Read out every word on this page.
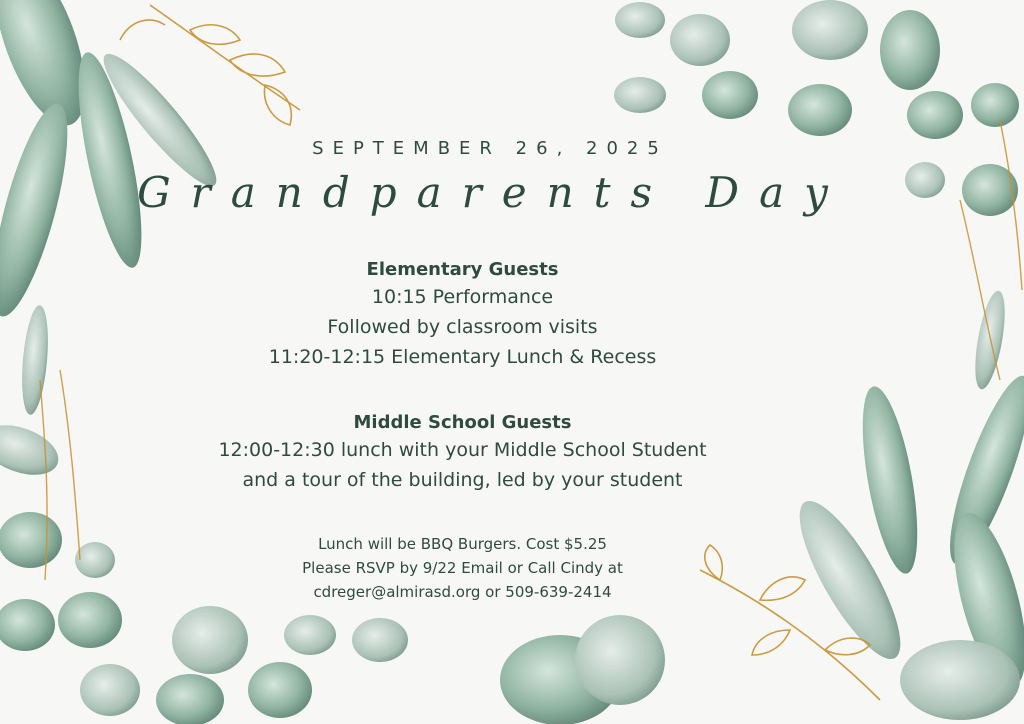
SEPTEMBER 26, 2025
Grandparents Day
Elementary Guests
10:15 Performance
Followed by classroom visits
11:20-12:15 Elementary Lunch & Recess
Middle School Guests
12:00-12:30 lunch with your Middle School Student
and a tour of the building, led by your student
Lunch will be BBQ Burgers. Cost $5.25
Please RSVP by 9/22 Email or Call Cindy at
cdreger@almirasd.org or 509-639-2414
